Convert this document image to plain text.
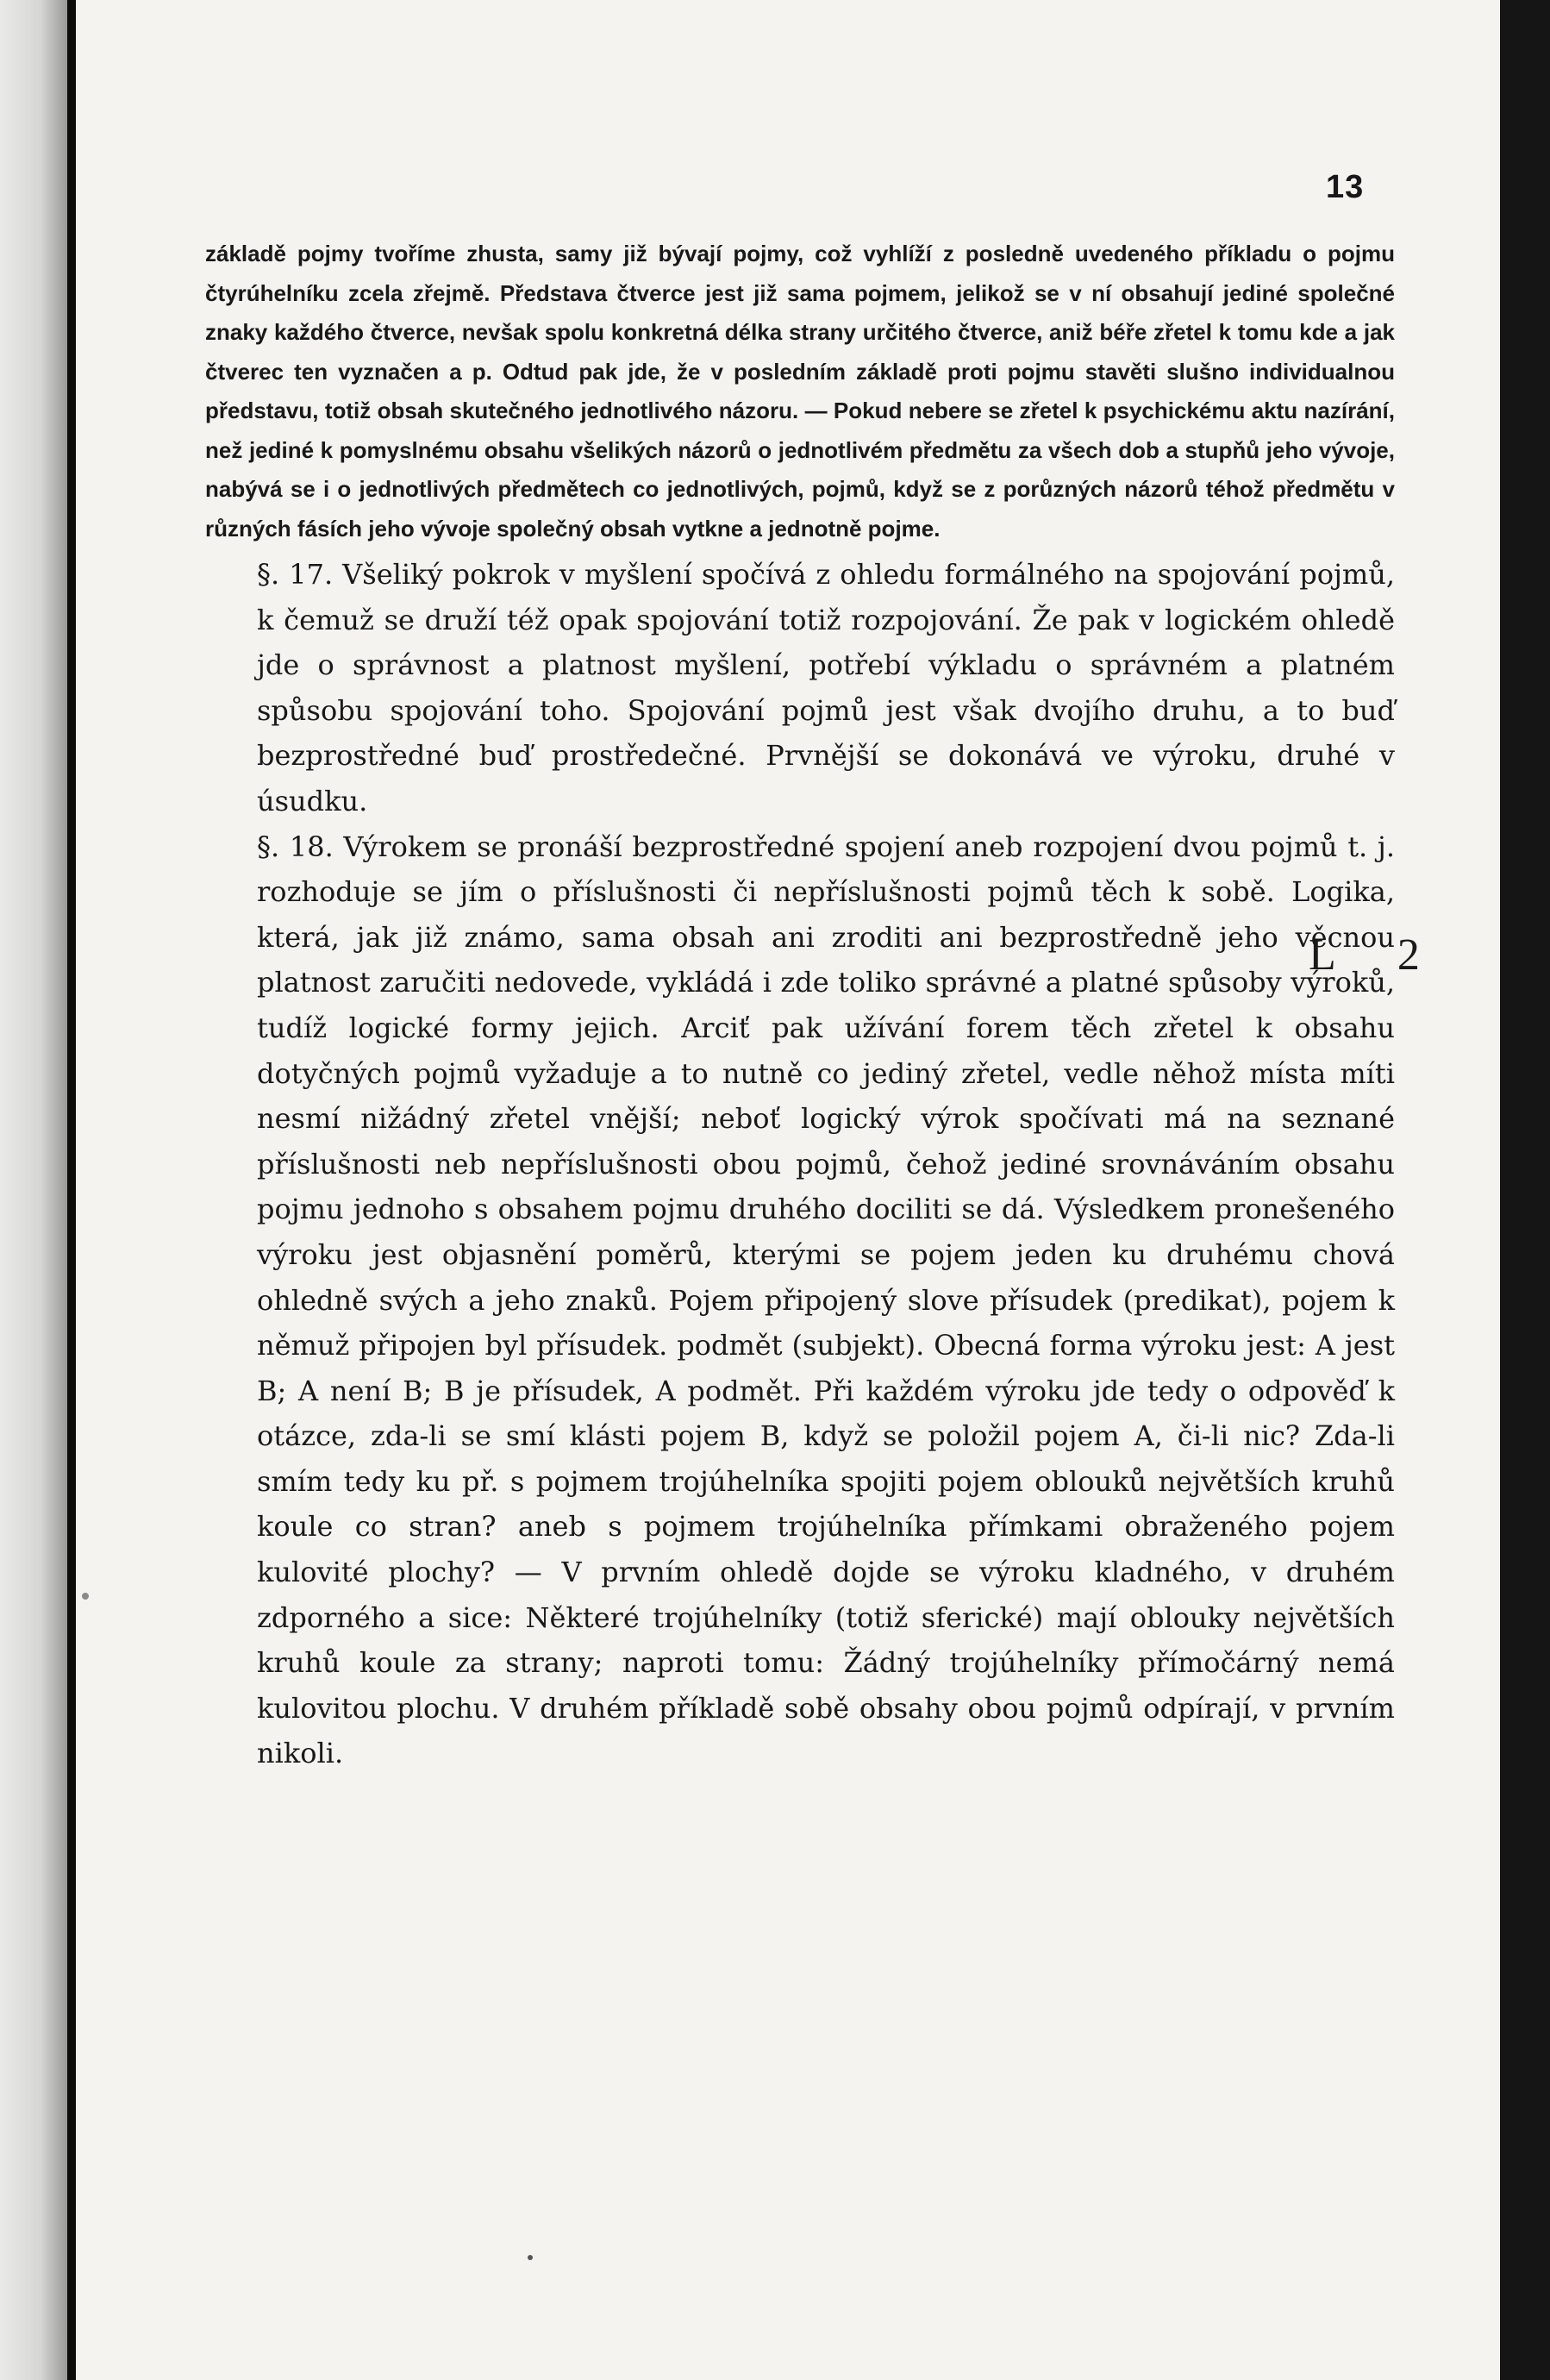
13

základě pojmy tvoříme zhusta, samy již bývají pojmy, což vyhlíží z posledně uvedeného příkladu o pojmu čtyrúhelníku zcela zřejmě. Představa čtverce jest již sama pojmem, jelikož se v ní obsahují jediné společné znaky každého čtverce, nevšak spolu konkretná délka strany určitého čtverce, aniž béře zřetel k tomu kde a jak čtverec ten vyznačen a p. Odtud pak jde, že v posledním základě proti pojmu stavěti slušno individualnou představu, totiž obsah skutečného jednotlivého názoru. — Pokud nebere se zřetel k psychickému aktu nazírání, než jediné k pomyslnému obsahu všelikých názorů o jednotlivém předmětu za všech dob a stupňů jeho vývoje, nabývá se i o jednotlivých předmětech co jednotlivých, pojmů, když se z porůzných názorů téhož předmětu v různých fásích jeho vývoje společný obsah vytkne a jednotně pojme.

§. 17. Všeliký pokrok v myšlení spočívá z ohledu formálného na spojování pojmů, k čemuž se druží též opak spojování totiž rozpojování. Že pak v logickém ohledě jde o správnost a platnost myšlení, potřebí výkladu o správném a platném spůsobu spojování toho. Spojování pojmů jest však dvojího druhu, a to buď bezprostředné buď prostředečné. Prvnější se dokonává ve výroku, druhé v úsudku.

§. 18. Výrokem se pronáší bezprostředné spojení aneb rozpojení dvou pojmů t. j. rozhoduje se jím o příslušnosti či nepříslušnosti pojmů těch k sobě. Logika, která, jak již známo, sama obsah ani zroditi ani bezprostředně jeho věcnou platnost zaručiti nedovede, vykládá i zde toliko správné a platné spůsoby výroků, tudíž logické formy jejich. Arciť pak užívání forem těch zřetel k obsahu dotyčných pojmů vyžaduje a to nutně co jediný zřetel, vedle něhož místa míti nesmí nižádný zřetel vnější; neboť logický výrok spočívati má na seznané příslušnosti neb nepříslušnosti obou pojmů, čehož jediné srovnáváním obsahu pojmu jednoho s obsahem pojmu druhého dociliti se dá. Výsledkem pronešeného výroku jest objasnění poměrů, kterými se pojem jeden ku druhému chová ohledně svých a jeho znaků. Pojem připojený slove přísudek (predikat), pojem k němuž připojen byl přísudek. podmět (subjekt). Obecná forma výroku jest: A jest B; A není B; B je přísudek, A podmět. Při každém výroku jde tedy o odpověď k otázce, zda-li se smí klásti pojem B, když se položil pojem A, či-li nic? Zda-li smím tedy ku př. s pojmem trojúhelníka spojiti pojem oblouků největších kruhů koule co stran? aneb s pojmem trojúhelníka přímkami obraženého pojem kulovité plochy? — V prvním ohledě dojde se výroku kladného, v druhém zdporného a sice: Některé trojúhelníky (totiž sferické) mají oblouky největších kruhů koule za strany; naproti tomu: Žádný trojúhelníky přímočárný nemá kulovitou plochu. V druhém příkladě sobě obsahy obou pojmů odpírají, v prvním nikoli.

L 2
